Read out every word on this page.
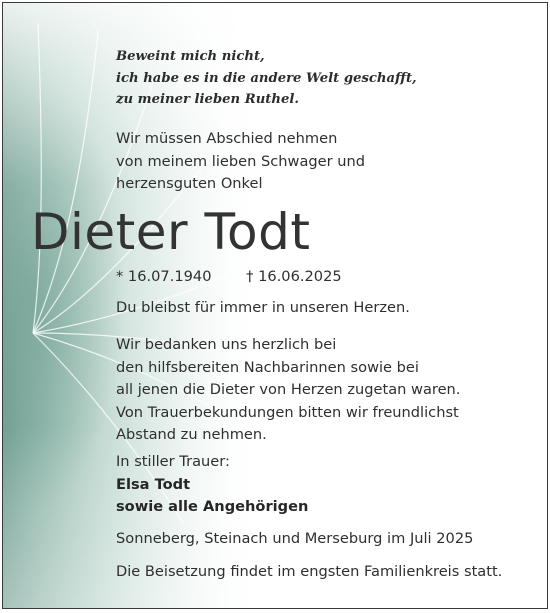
Beweint mich nicht,
ich habe es in die andere Welt geschafft,
zu meiner lieben Ruthel.
Wir müssen Abschied nehmen
von meinem lieben Schwager und
herzensguten Onkel
Dieter Todt
* 16.07.1940 † 16.06.2025
Du bleibst für immer in unseren Herzen.
Wir bedanken uns herzlich bei
den hilfsbereiten Nachbarinnen sowie bei
all jenen die Dieter von Herzen zugetan waren.
Von Trauerbekundungen bitten wir freundlichst
Abstand zu nehmen.
In stiller Trauer:
Elsa Todt
sowie alle Angehörigen
Sonneberg, Steinach und Merseburg im Juli 2025
Die Beisetzung findet im engsten Familienkreis statt.
